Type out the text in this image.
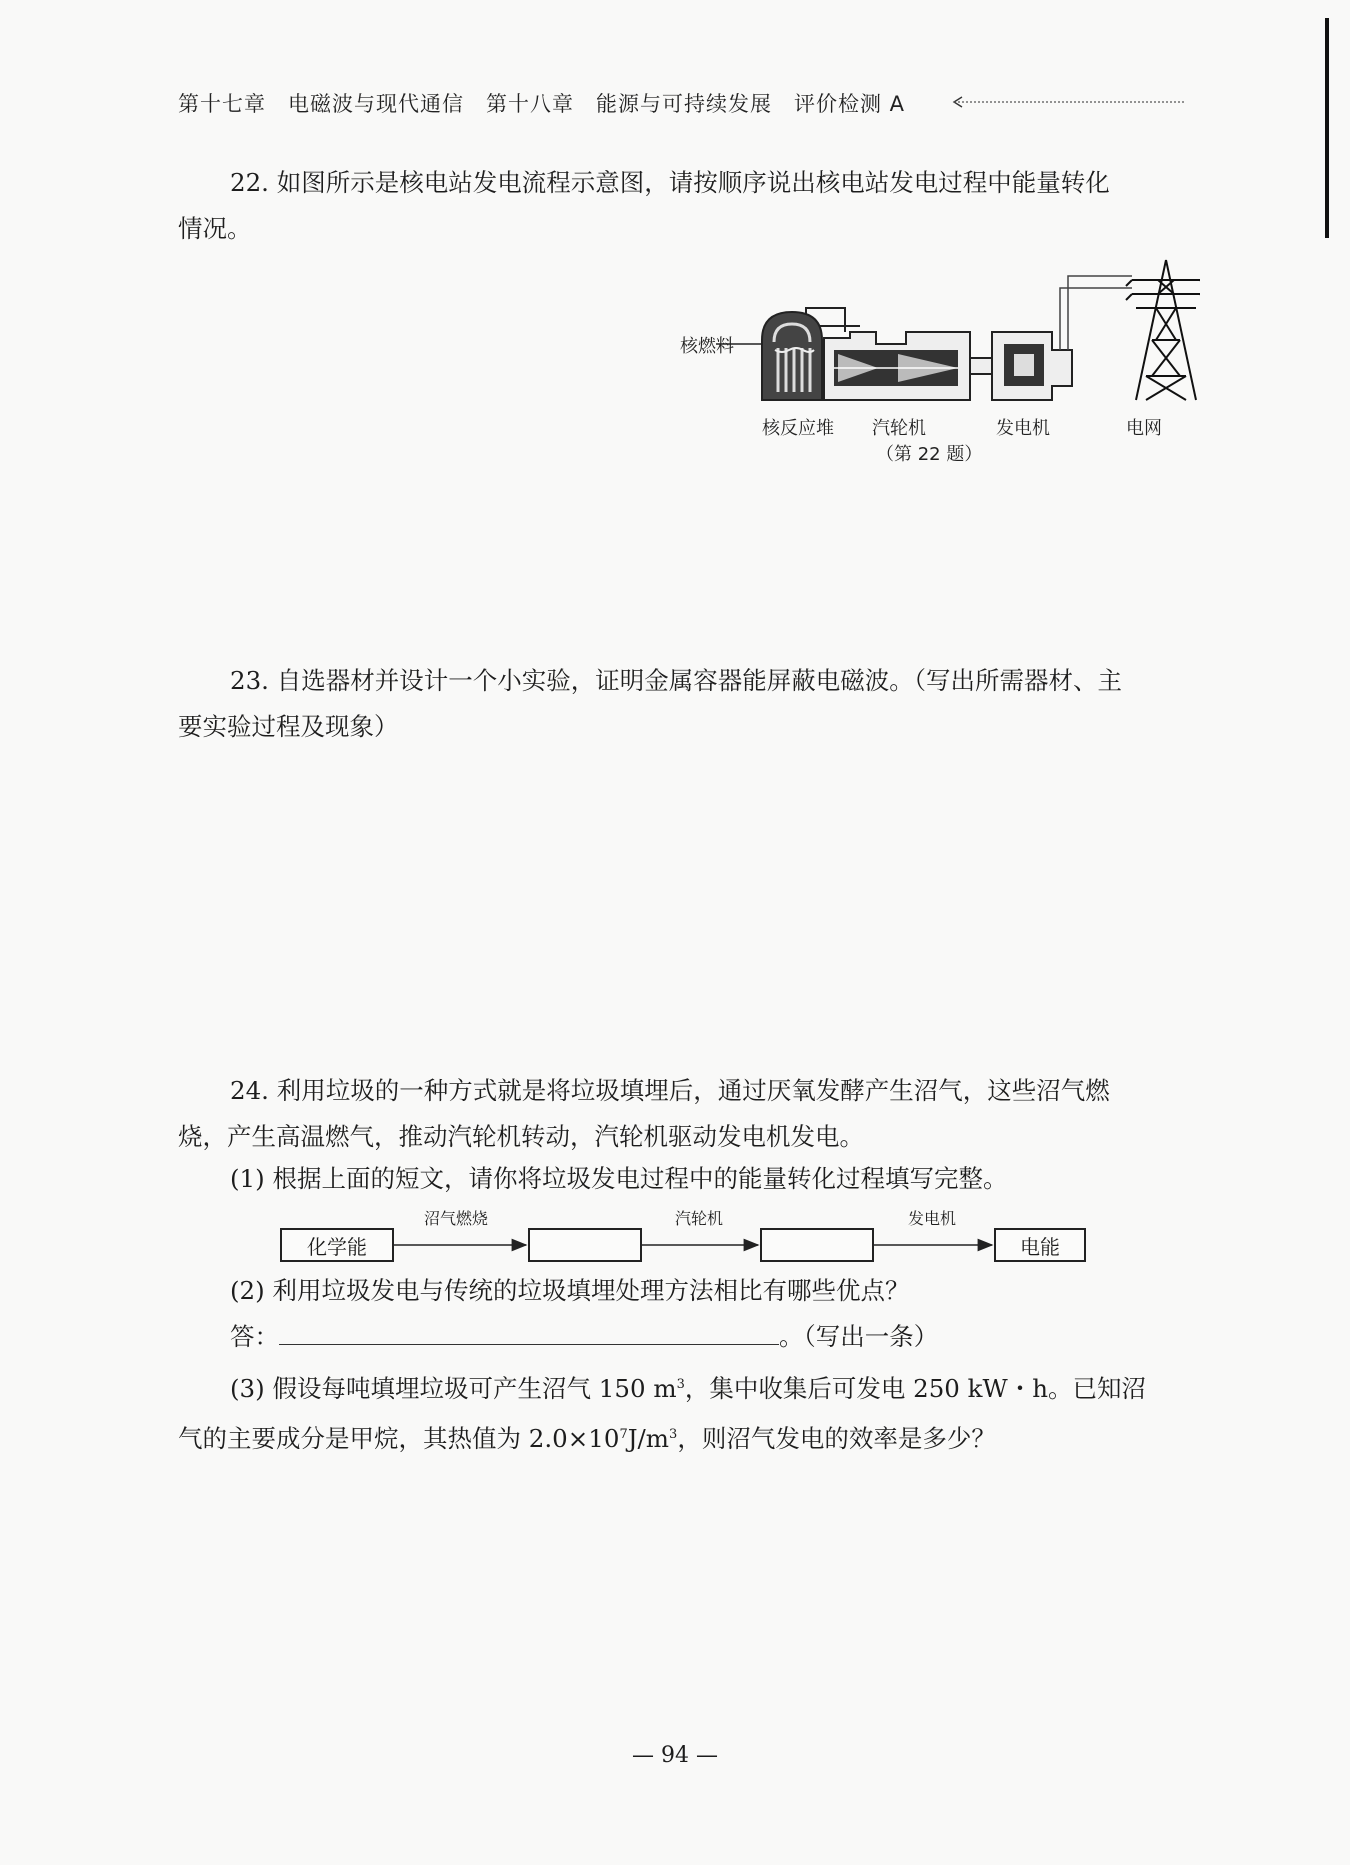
第十七章 电磁波与现代通信 第十八章 能源与可持续发展 评价检测 A

22. 如图所示是核电站发电流程示意图，请按顺序说出核电站发电过程中能量转化

情况。

核燃料
核反应堆 汽轮机	发电机	电网
（第 22 题）

23. 自选器材并设计一个小实验，证明金属容器能屏蔽电磁波。（写出所需器材、主

要实验过程及现象）

24. 利用垃圾的一种方式就是将垃圾填埋后，通过厌氧发酵产生沼气，这些沼气燃

烧，产生高温燃气，推动汽轮机转动，汽轮机驱动发电机发电。

(1) 根据上面的短文，请你将垃圾发电过程中的能量转化过程填写完整。
化学能
沼气燃烧	汽轮机	发电机
电能
(2) 利用垃圾发电与传统的垃圾填埋处理方法相比有哪些优点？
答：	。（写出一条）

(3) 假设每吨填埋垃圾可产生沼气 150 $m^3$，集中收集后可发电 250 kW・h。已知沼

气的主要成分是甲烷，其热值为 $2.0\times 10^7J/m^3$，则沼气发电的效率是多少？

— 94 —
